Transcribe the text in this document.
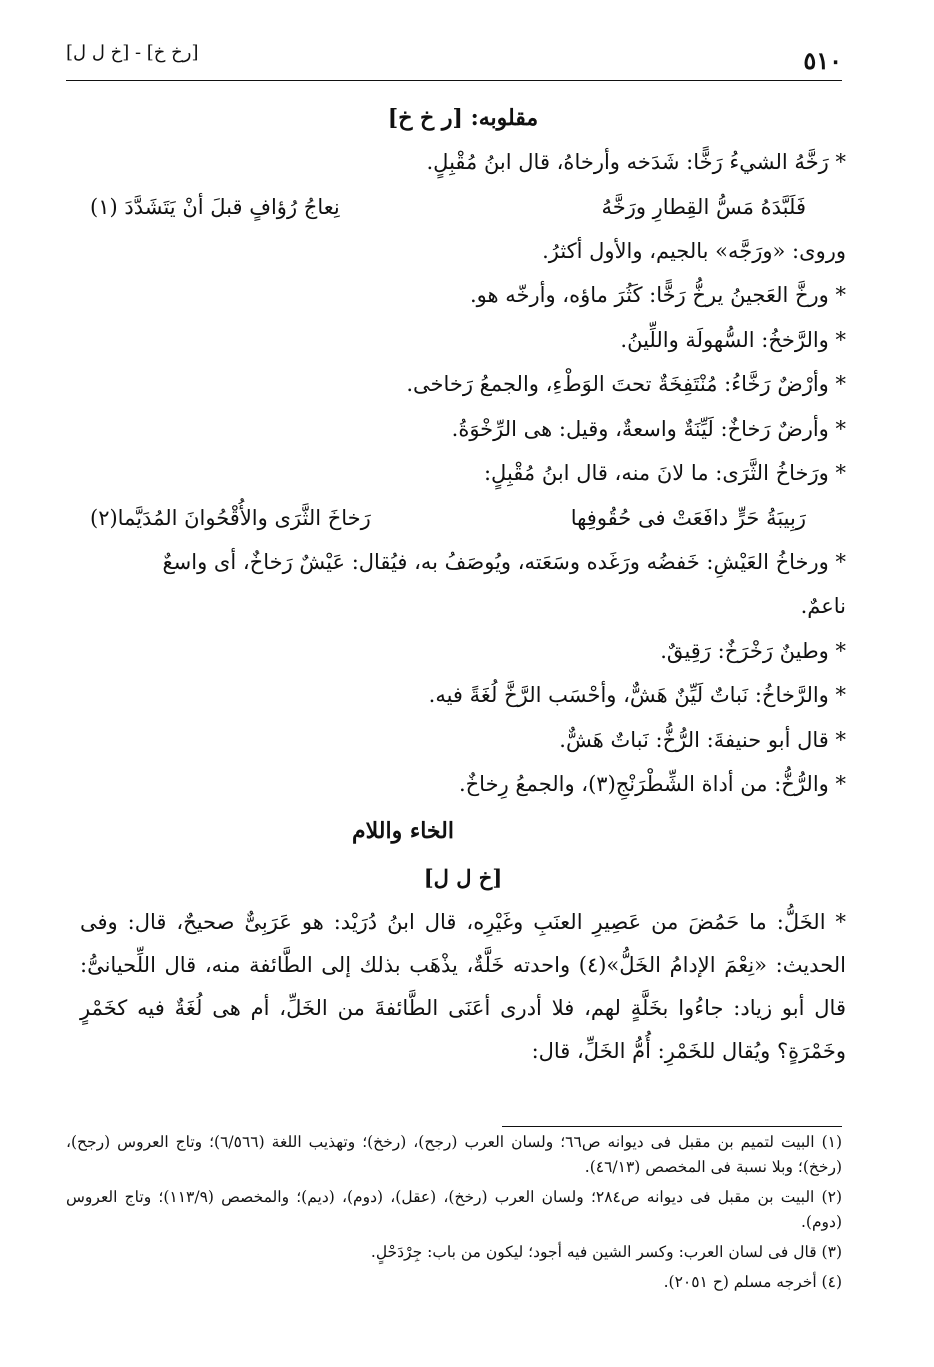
٥١٠
[رخ خ] - [خ ل ل]
مقلوبه: [ر خ خ]
* رَخَّهُ الشيءُ رَخًّا: شَدَخه وأرخاهُ، قال ابنُ مُقْبِلٍ.
فَلَبَّدَهُ مَسُّ القِطارِ ورَخَّهُ
نِعاجُ رُؤافٍ قبلَ أنْ يَتَشَدَّدَ (١)
وروى: «ورَجَّه» بالجيم، والأول أكثرُ.
* ورخَّ العَجينُ يرخُّ رَخًّا: كَثُرَ ماؤه، وأرخّه هو.
* والرَّخخُ: السُّهولَة واللِّينُ.
* وأرْضٌ رَخَّاءُ: مُنْتَفِخَةٌ تحتَ الوَطْءِ، والجمعُ رَخاخى.
* وأرضٌ رَخاخٌ: لَيِّنَةٌ واسعةٌ، وقيل: هى الرِّخْوَةُ.
* ورَخاخُ الثَّرَى: ما لانَ منه، قال ابنُ مُقْبِلٍ:
رَبِيبَةُ حَرٍّ دافَعَتْ فى حُقُوفِها
رَخاخَ الثَّرَى والأُقْحُوانَ المُدَيَّما(٢)
* ورخاخُ العَيْشِ: خَفضُه ورَغَده وسَعَته، ويُوصَفُ به، فيُقال: عَيْشٌ رَخاخٌ، أى واسعٌ
ناعمٌ.
* وطينٌ رَخْرَخٌ: رَقِيقٌ.
* والرَّخاخُ: نَباتٌ لَيِّنٌ هَشٌّ، وأحْسَب الرَّخَّ لُغَةً فيه.
* قال أبو حنيفةَ: الرُّخُّ: نَباتٌ هَشٌّ.
* والرُّخُّ: من أداة الشِّطْرَنْجِ(٣)، والجمعُ رِخاخٌ.
الخاء واللام
[خ ل ل]
* الخَلُّ: ما حَمُضَ من عَصِيرِ العنَبِ وغَيْرِه، قال ابنُ دُرَيْد: هو عَرَبِىٌّ صحيحٌ، قال: وفى الحديث: «نِعْمَ الإدامُ الخَلُّ»(٤) واحدته خَلَّةٌ، يذْهَب بذلك إلى الطَّائفة منه، قال اللِّحيانىُّ: قال أبو زياد: جاءُوا بخَلَّةٍ لهم، فلا أدرى أعَنَى الطَّائفةَ من الخَلِّ، أم هى لُغَةٌ فيه كخَمْرٍ وخَمْرَةٍ؟ ويُقال للخَمْرِ: أُمُّ الخَلِّ، قال:
(١) البيت لتميم بن مقبل فى ديوانه ص٦٦؛ ولسان العرب (رجح)، (رخخ)؛ وتهذيب اللغة (٦/٥٦٦)؛ وتاج العروس (رجح)، (رخخ)؛ وبلا نسبة فى المخصص (٤٦/١٣).
(٢) البيت بن مقبل فى ديوانه ص٢٨٤؛ ولسان العرب (رخخ)، (عقل)، (دوم)، (ديم)؛ والمخصص (١١٣/٩)؛ وتاج العروس (دوم).
(٣) قال فى لسان العرب: وكسر الشين فيه أجود؛ ليكون من باب: جِرْدَحْلٍ.
(٤) أخرجه مسلم (ح ٢٠٥١).
